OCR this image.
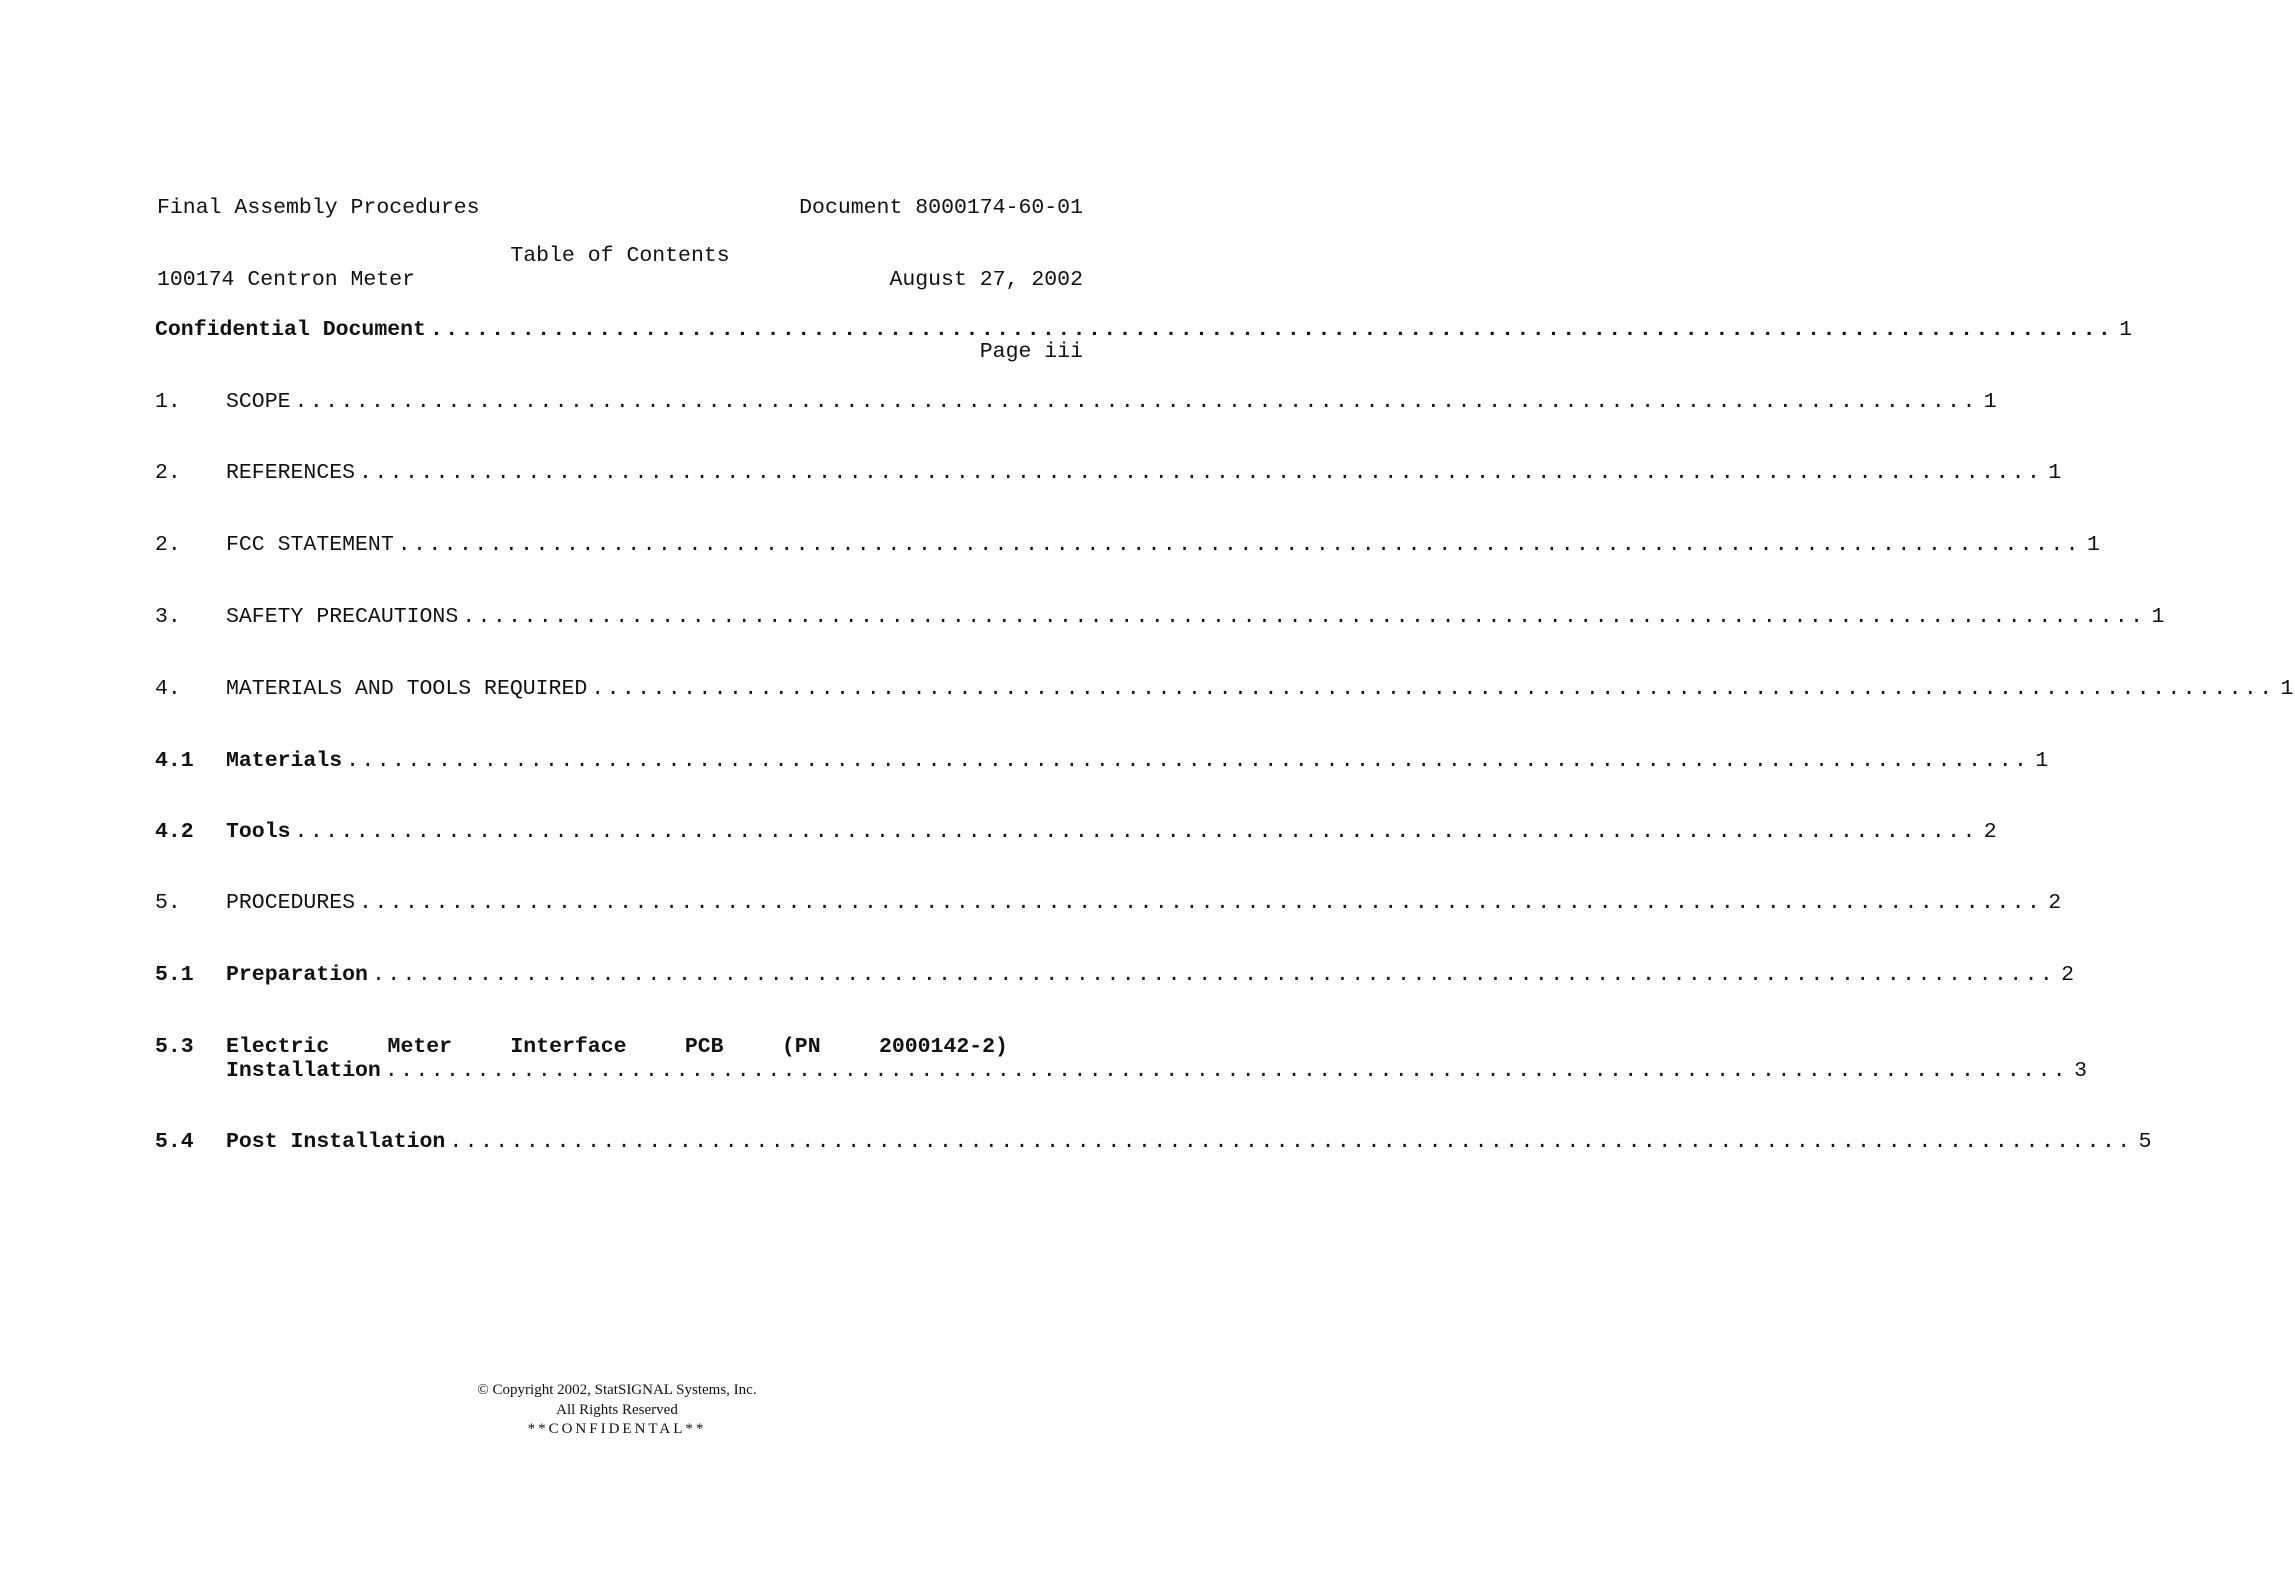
Final Assembly Procedures

100174 Centron Meter

Document 8000174-60-01

August 27, 2002

Page iii

Table of Contents
Confidential Document .............................................................................................................. 1
1.	SCOPE .............................................................................................................. 1
2.	REFERENCES .............................................................................................................. 1
2.	FCC STATEMENT .............................................................................................................. 1
3.	SAFETY PRECAUTIONS .............................................................................................................. 1
4.	MATERIALS AND TOOLS REQUIRED .............................................................................................................. 1
4.1	Materials .............................................................................................................. 1
4.2	Tools .............................................................................................................. 2
5.	PROCEDURES .............................................................................................................. 2
5.1	Preparation .............................................................................................................. 2
5.3	Electric	Meter	Interface	PCB	(PN	2000142-2)
Installation .............................................................................................................. 3
5.4	Post Installation .............................................................................................................. 5
© Copyright 2002, StatSIGNAL Systems, Inc.
All Rights Reserved
**CONFIDENTAL**
